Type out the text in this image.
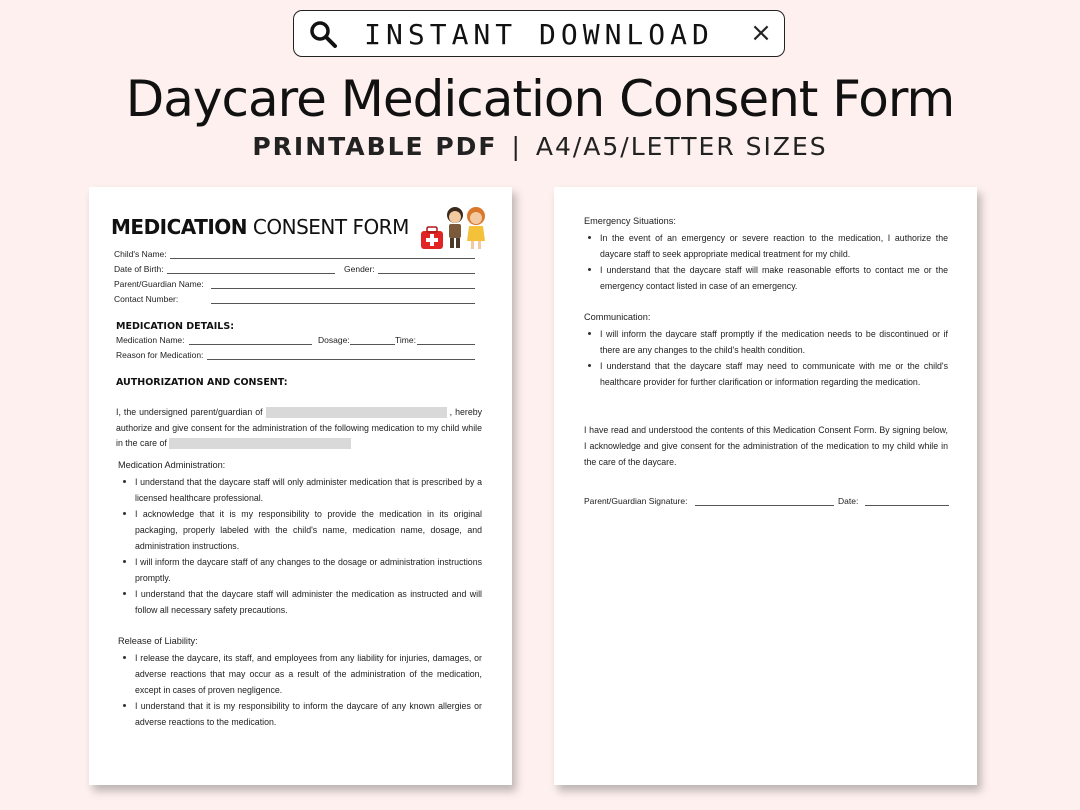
INSTANT DOWNLOAD	×
Daycare Medication Consent Form
PRINTABLE PDF | A4/A5/LETTER SIZES
MEDICATION CONSENT FORM
Child's Name:
Date of Birth:	Gender:
Parent/Guardian Name:
Contact Number:
MEDICATION DETAILS:
Medication Name:	Dosage:	Time:
Reason for Medication:
AUTHORIZATION AND CONSENT:
I, the undersigned parent/guardian of	, hereby authorize and give consent for the administration of the following medication to my child while in the care of
Medication Administration:
I understand that the daycare staff will only administer medication that is prescribed by a licensed healthcare professional.
I acknowledge that it is my responsibility to provide the medication in its original packaging, properly labeled with the child's name, medication name, dosage, and administration instructions.
I will inform the daycare staff of any changes to the dosage or administration instructions promptly.
I understand that the daycare staff will administer the medication as instructed and will follow all necessary safety precautions.
Release of Liability:
I release the daycare, its staff, and employees from any liability for injuries, damages, or adverse reactions that may occur as a result of the administration of the medication, except in cases of proven negligence.
I understand that it is my responsibility to inform the daycare of any known allergies or adverse reactions to the medication.
Emergency Situations:
In the event of an emergency or severe reaction to the medication, I authorize the daycare staff to seek appropriate medical treatment for my child.
I understand that the daycare staff will make reasonable efforts to contact me or the emergency contact listed in case of an emergency.
Communication:
I will inform the daycare staff promptly if the medication needs to be discontinued or if there are any changes to the child's health condition.
I understand that the daycare staff may need to communicate with me or the child's healthcare provider for further clarification or information regarding the medication.
I have read and understood the contents of this Medication Consent Form. By signing below, I acknowledge and give consent for the administration of the medication to my child while in the care of the daycare.
Parent/Guardian Signature:	Date:
